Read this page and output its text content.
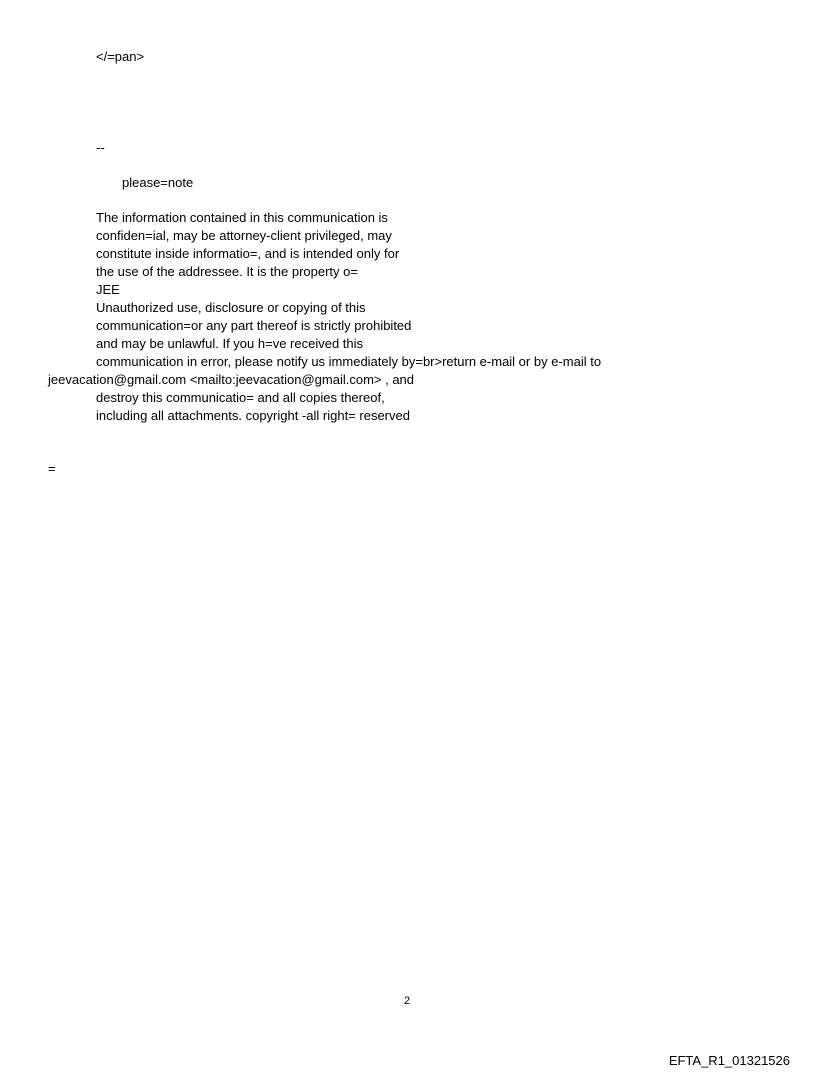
</=pan>
--
please=note
The information contained in this communication is
confiden=ial, may be attorney-client privileged, may
constitute inside informatio=, and is intended only for
the use of the addressee. It is the property o=
JEE
Unauthorized use, disclosure or copying of this
communication=or any part thereof is strictly prohibited
and may be unlawful. If you h=ve received this
communication in error, please notify us immediately by=br>return e-mail or by e-mail to
jeevacation@gmail.com <mailto:jeevacation@gmail.com> , and
destroy this communicatio= and all copies thereof,
including all attachments. copyright -all right= reserved
=
2
EFTA_R1_01321526
